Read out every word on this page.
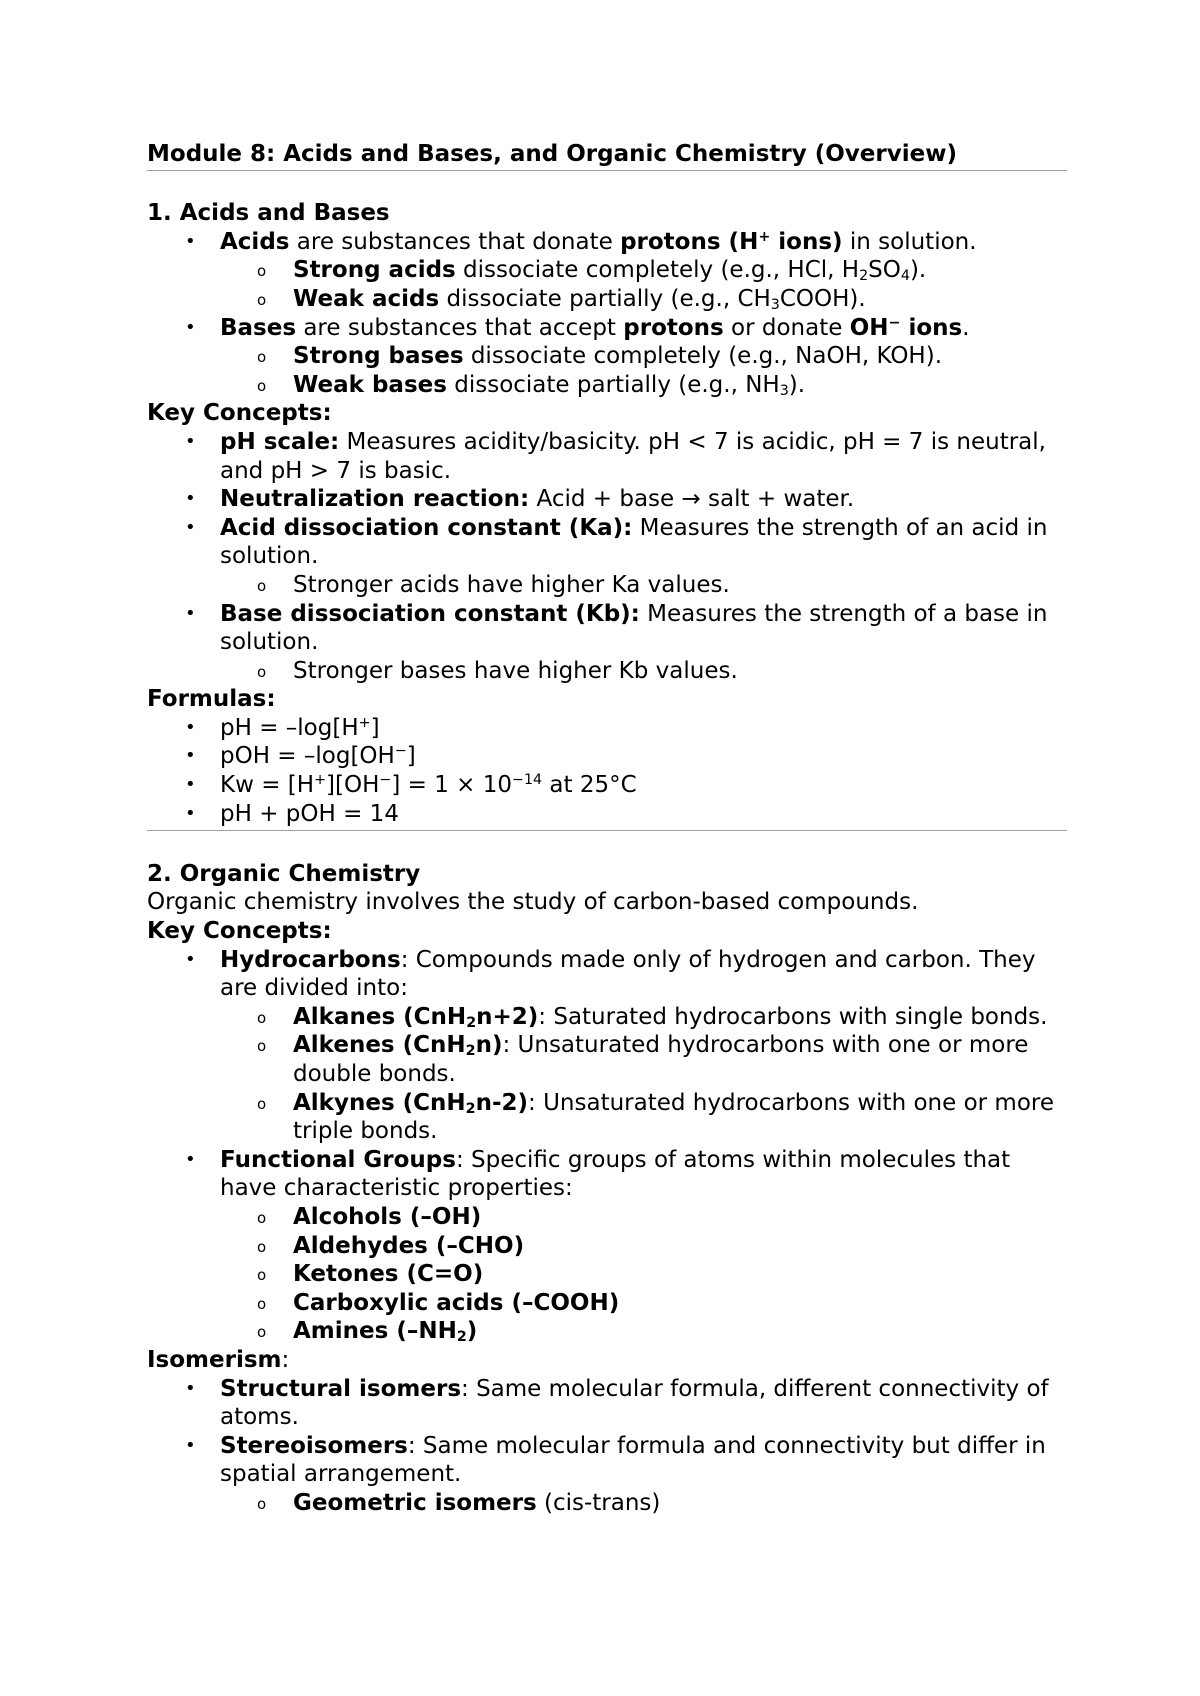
Module 8: Acids and Bases, and Organic Chemistry (Overview)

1. Acids and Bases

• Acids are substances that donate protons (H+ ions) in solution.
o Strong acids dissociate completely (e.g., HCl, $H_2SO_4$).
o Weak acids dissociate partially (e.g., $CH_3COOH$).
• Bases are substances that accept protons or donate OH− ions.
o Strong bases dissociate completely (e.g., NaOH, KOH).
o Weak bases dissociate partially (e.g., $NH_3$).

Key Concepts:

• pH scale: Measures acidity/basicity. pH < 7 is acidic, pH = 7 is neutral, and pH > 7 is basic.
• Neutralization reaction: Acid + base → salt + water.
• Acid dissociation constant (Ka): Measures the strength of an acid in solution.
o Stronger acids have higher Ka values.
• Base dissociation constant (Kb): Measures the strength of a base in solution.
o Stronger bases have higher Kb values.

Formulas:

• pH = –log[H+]
• pOH = –log[OH−]
• $Kw = [H^+][OH^-] = 1 \times 10^{-14}$ at 25°C
• pH + pOH = 14

2. Organic Chemistry

Organic chemistry involves the study of carbon-based compounds.

Key Concepts:

• Hydrocarbons: Compounds made only of hydrogen and carbon. They are divided into:
o Alkanes (CnH$_2$n+2): Saturated hydrocarbons with single bonds.
o Alkenes (CnH$_2$n): Unsaturated hydrocarbons with one or more double bonds.
o Alkynes (CnH$_2$n-2): Unsaturated hydrocarbons with one or more triple bonds.
• Functional Groups: Specific groups of atoms within molecules that have characteristic properties:
o Alcohols (–OH)
o Aldehydes (–CHO)
o Ketones (C=O)
o Carboxylic acids (–COOH)
o Amines $(-NH_2)$

Isomerism:

• Structural isomers: Same molecular formula, different connectivity of atoms.
• Stereoisomers: Same molecular formula and connectivity but differ in spatial arrangement.
o Geometric isomers (cis-trans)
